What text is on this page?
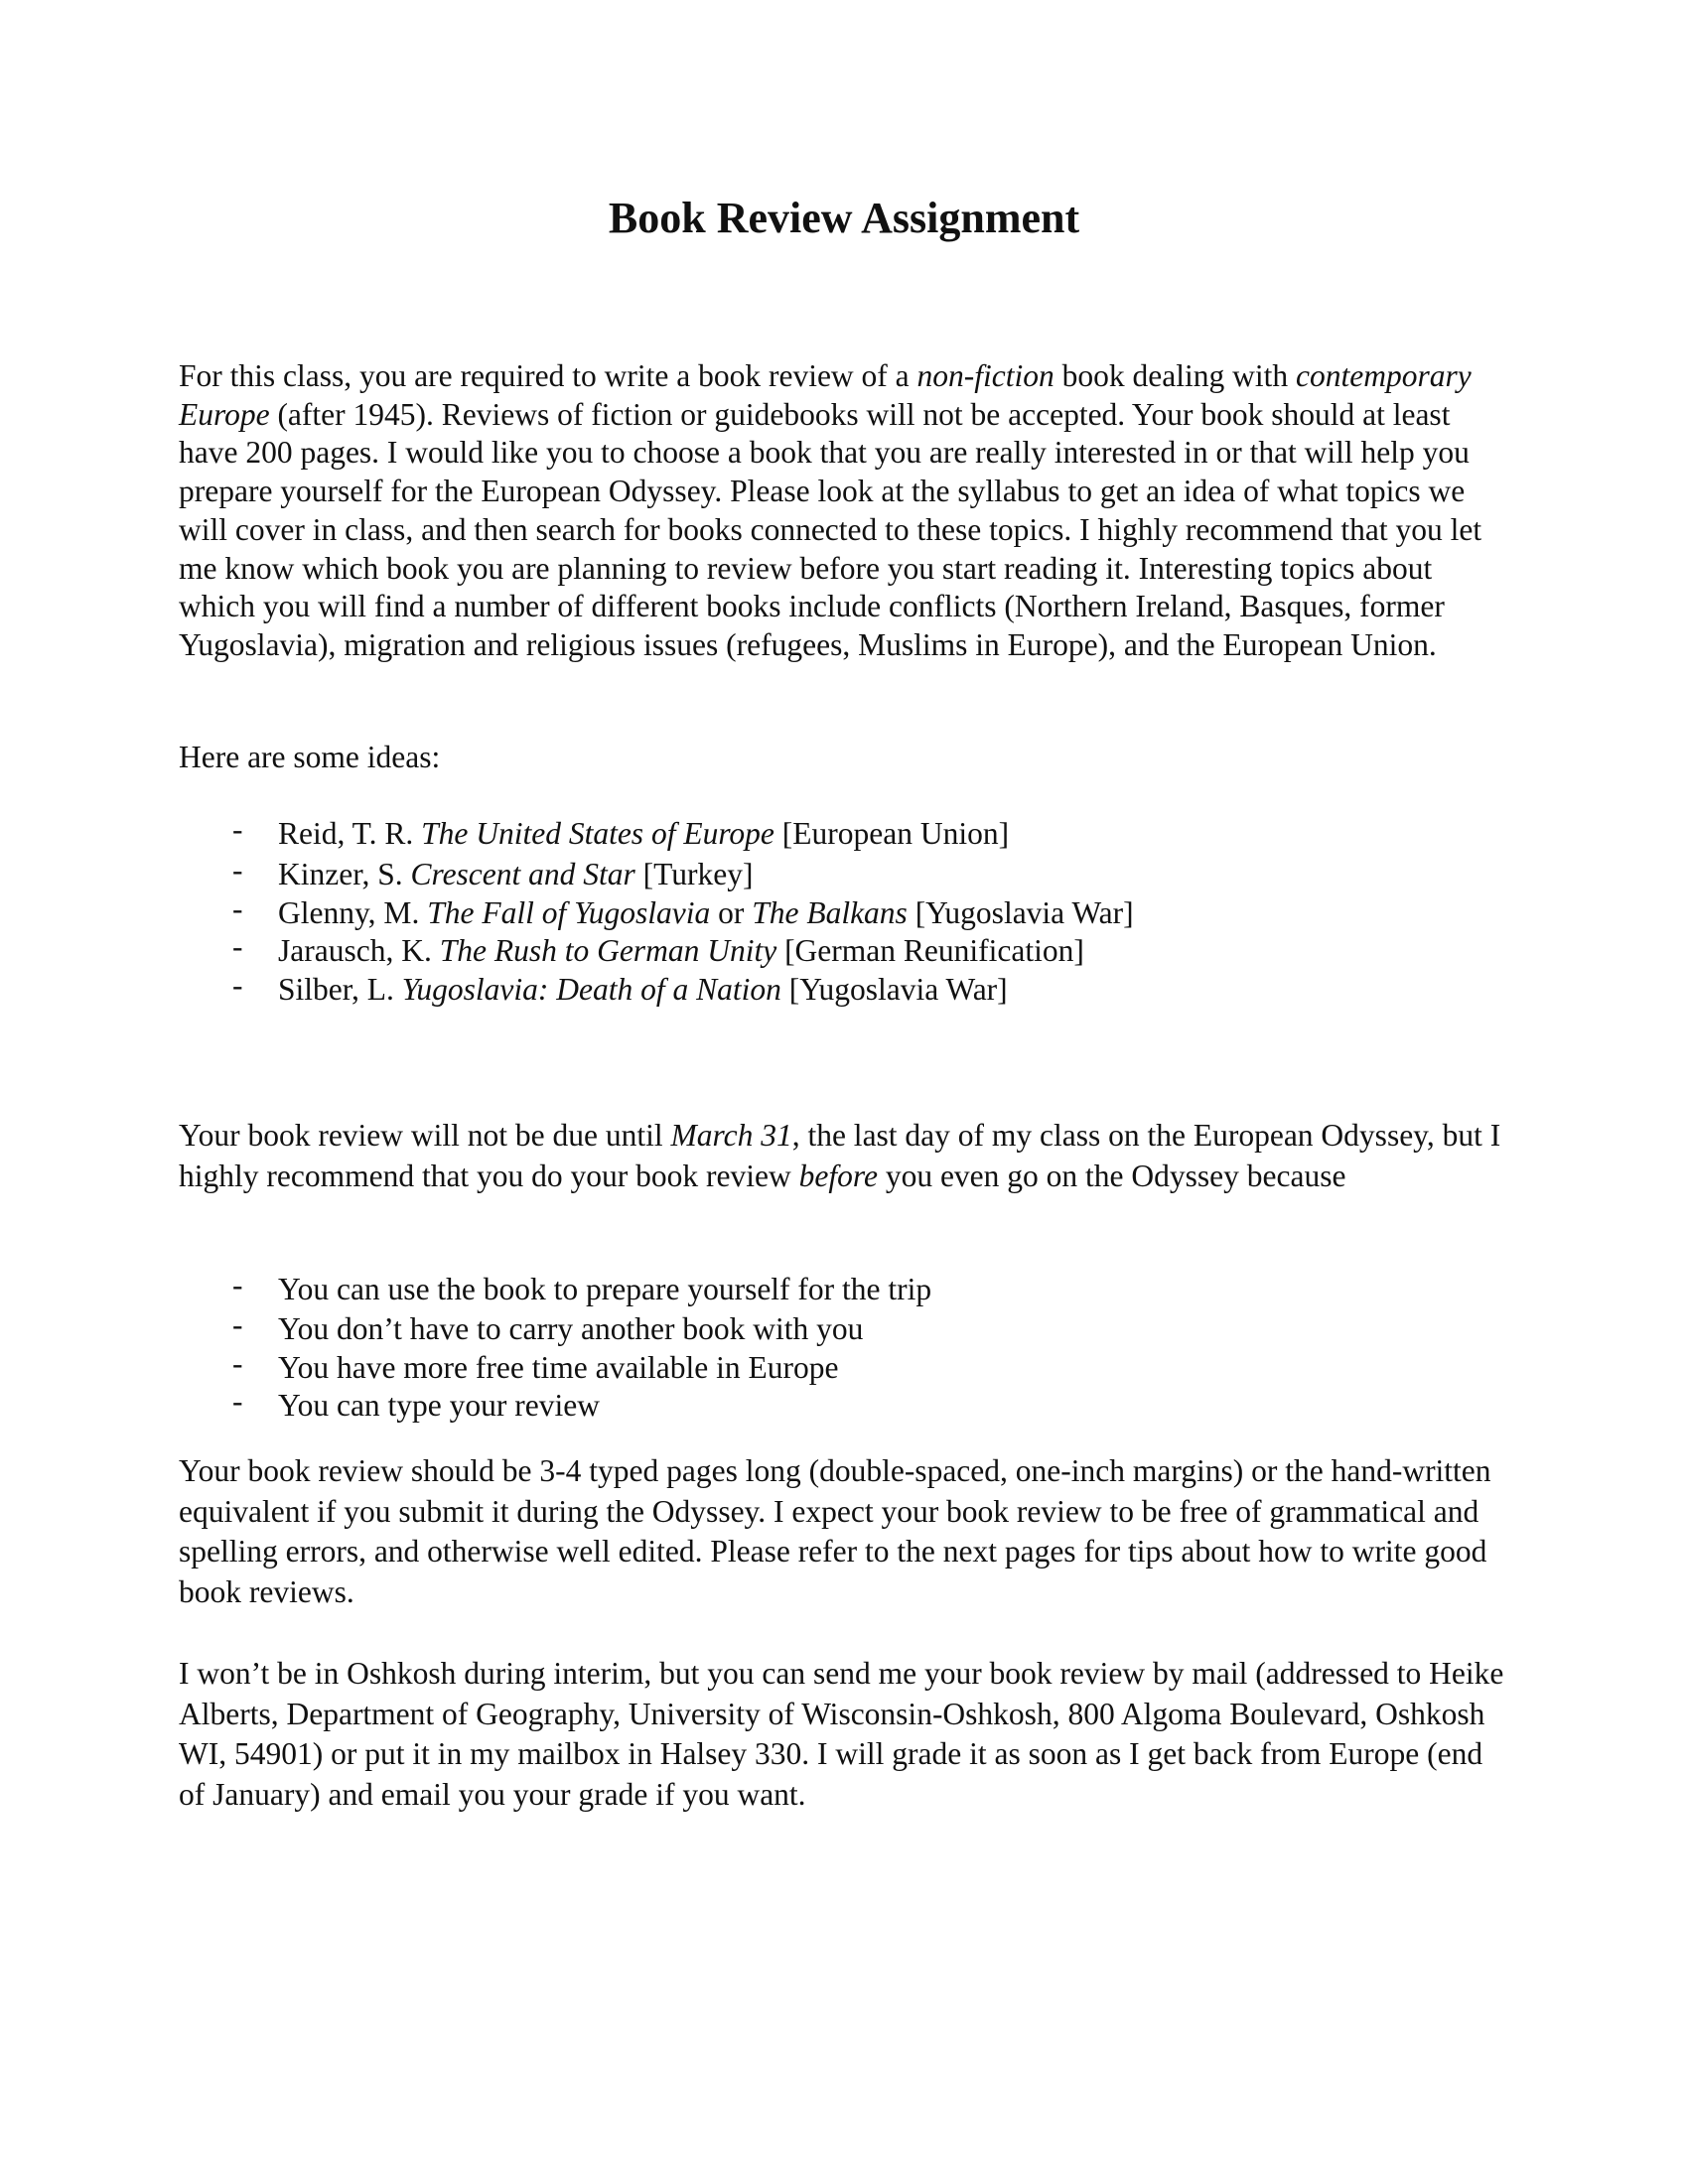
Book Review Assignment

For this class, you are required to write a book review of a non-fiction book dealing with contemporary Europe (after 1945). Reviews of fiction or guidebooks will not be accepted. Your book should at least have 200 pages. I would like you to choose a book that you are really interested in or that will help you prepare yourself for the European Odyssey. Please look at the syllabus to get an idea of what topics we will cover in class, and then search for books connected to these topics. I highly recommend that you let me know which book you are planning to review before you start reading it. Interesting topics about which you will find a number of different books include conflicts (Northern Ireland, Basques, former Yugoslavia), migration and religious issues (refugees, Muslims in Europe), and the European Union.

Here are some ideas:

- Reid, T. R. The United States of Europe [European Union]
- Kinzer, S. Crescent and Star [Turkey]
- Glenny, M. The Fall of Yugoslavia or The Balkans [Yugoslavia War]
- Jarausch, K. The Rush to German Unity [German Reunification]
- Silber, L. Yugoslavia: Death of a Nation [Yugoslavia War]

Your book review will not be due until March 31, the last day of my class on the European Odyssey, but I highly recommend that you do your book review before you even go on the Odyssey because

- You can use the book to prepare yourself for the trip
- You don’t have to carry another book with you
- You have more free time available in Europe
- You can type your review

Your book review should be 3-4 typed pages long (double-spaced, one-inch margins) or the hand-written equivalent if you submit it during the Odyssey. I expect your book review to be free of grammatical and spelling errors, and otherwise well edited. Please refer to the next pages for tips about how to write good book reviews.

I won’t be in Oshkosh during interim, but you can send me your book review by mail (addressed to Heike Alberts, Department of Geography, University of Wisconsin-Oshkosh, 800 Algoma Boulevard, Oshkosh WI, 54901) or put it in my mailbox in Halsey 330. I will grade it as soon as I get back from Europe (end of January) and email you your grade if you want.
